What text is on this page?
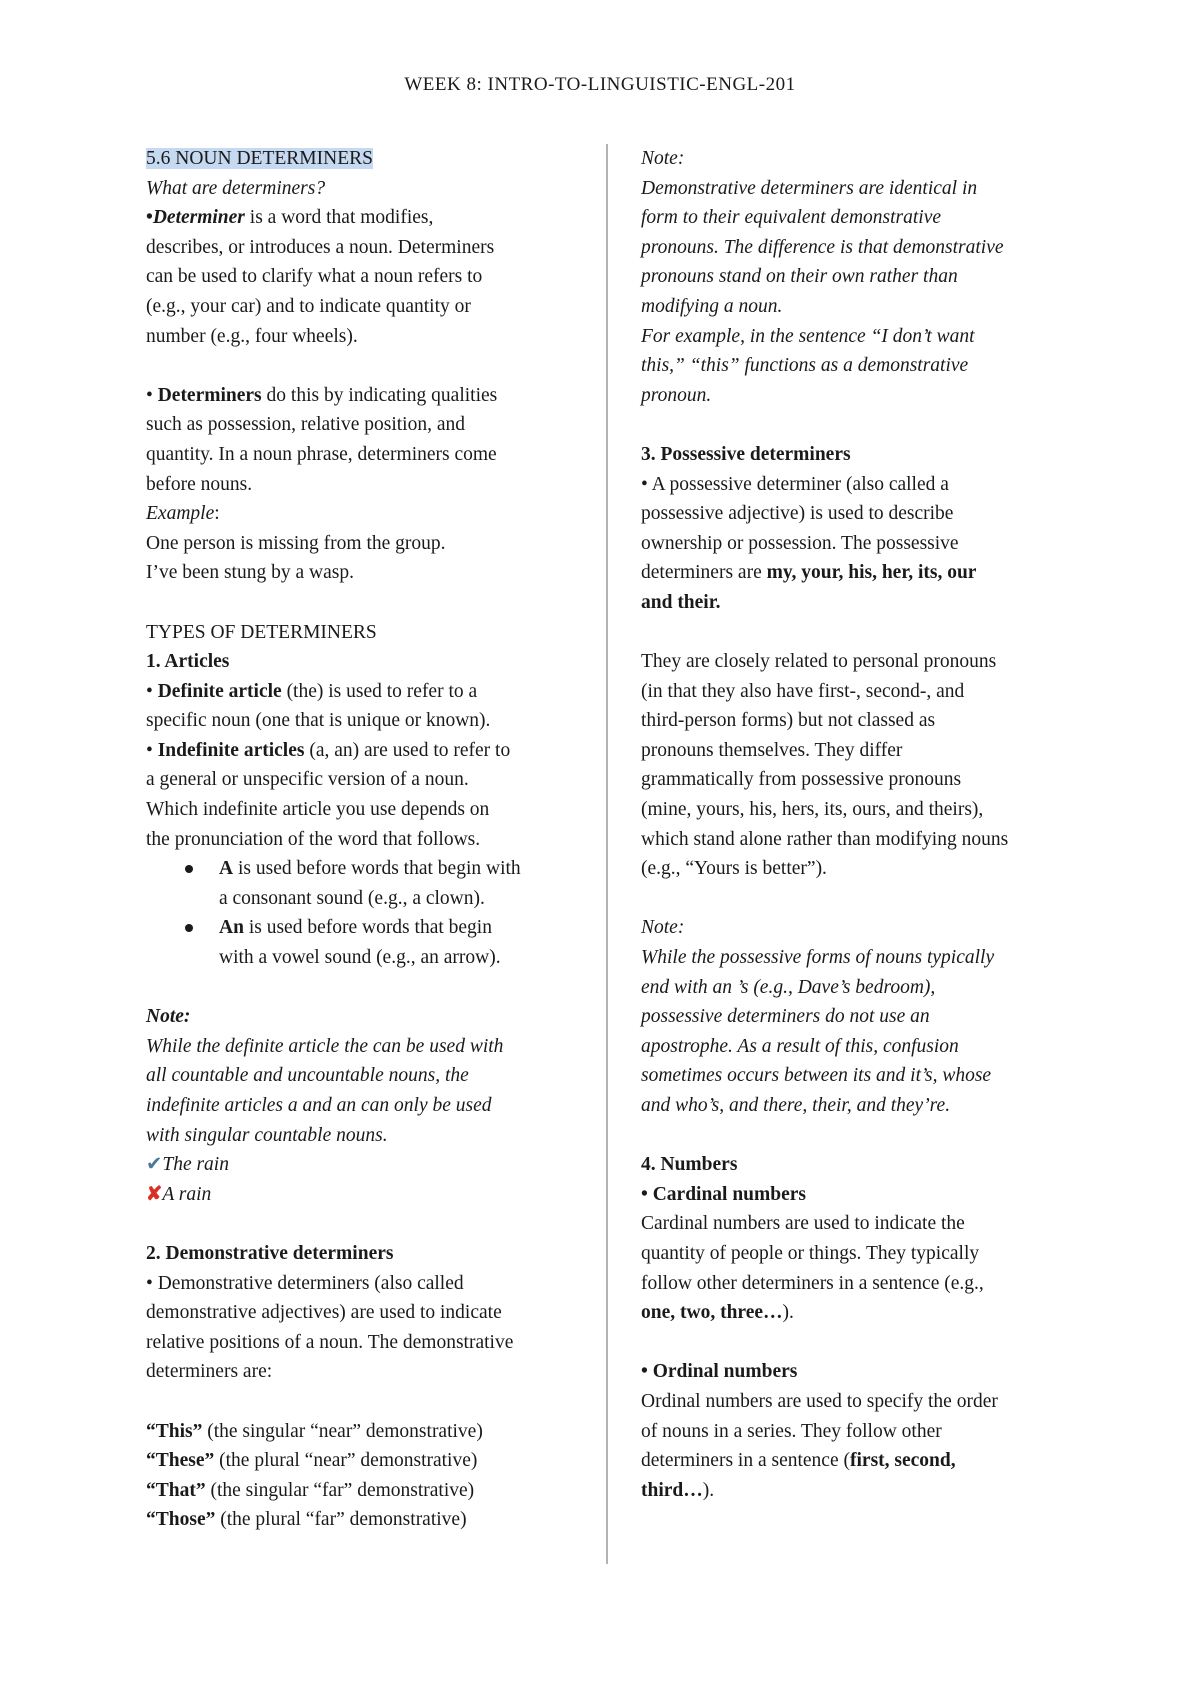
WEEK 8: INTRO-TO-LINGUISTIC-ENGL-201

5.6 NOUN DETERMINERS

What are determiners?

•Determiner is a word that modifies,

describes, or introduces a noun. Determiners

can be used to clarify what a noun refers to

(e.g., your car) and to indicate quantity or

number (e.g., four wheels).

• Determiners do this by indicating qualities

such as possession, relative position, and

quantity. In a noun phrase, determiners come

before nouns.

Example:

One person is missing from the group.

I’ve been stung by a wasp.

TYPES OF DETERMINERS

1. Articles

• Definite article (the) is used to refer to a

specific noun (one that is unique or known).

• Indefinite articles (a, an) are used to refer to

a general or unspecific version of a noun.

Which indefinite article you use depends on

the pronunciation of the word that follows.

A is used before words that begin with
a consonant sound (e.g., a clown).
An is used before words that begin
with a vowel sound (e.g., an arrow).

Note:

While the definite article the can be used with

all countable and uncountable nouns, the

indefinite articles a and an can only be used

with singular countable nouns.

✔The rain

✘A rain

2. Demonstrative determiners

• Demonstrative determiners (also called

demonstrative adjectives) are used to indicate

relative positions of a noun. The demonstrative

determiners are:

“This” (the singular “near” demonstrative)

“These” (the plural “near” demonstrative)

“That” (the singular “far” demonstrative)

“Those” (the plural “far” demonstrative)

Note:

Demonstrative determiners are identical in

form to their equivalent demonstrative

pronouns. The difference is that demonstrative

pronouns stand on their own rather than

modifying a noun.

For example, in the sentence “I don’t want

this,” “this” functions as a demonstrative

pronoun.

3. Possessive determiners

• A possessive determiner (also called a

possessive adjective) is used to describe

ownership or possession. The possessive

determiners are my, your, his, her, its, our

and their.

They are closely related to personal pronouns

(in that they also have first-, second-, and

third-person forms) but not classed as

pronouns themselves. They differ

grammatically from possessive pronouns

(mine, yours, his, hers, its, ours, and theirs),

which stand alone rather than modifying nouns

(e.g., “Yours is better”).

Note:

While the possessive forms of nouns typically

end with an ’s (e.g., Dave’s bedroom),

possessive determiners do not use an

apostrophe. As a result of this, confusion

sometimes occurs between its and it’s, whose

and who’s, and there, their, and they’re.

4. Numbers

• Cardinal numbers

Cardinal numbers are used to indicate the

quantity of people or things. They typically

follow other determiners in a sentence (e.g.,

one, two, three…).

• Ordinal numbers

Ordinal numbers are used to specify the order

of nouns in a series. They follow other

determiners in a sentence (first, second,

third…).
